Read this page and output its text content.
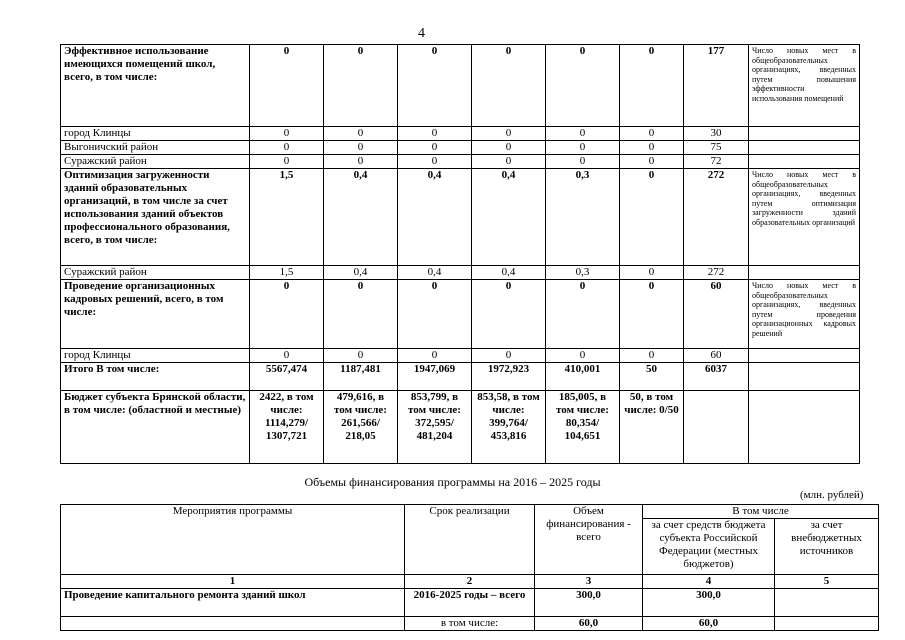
4
Эффективное использование имеющихся помещений школ, всего, в том числе:	0	0	0	0	0	0	177	Число новых мест в общеобразовательных организациях, введенных путем повышения эффективности использования помещений
город Клинцы	0	0	0	0	0	0	30	
Выгоничский район	0	0	0	0	0	0	75	
Суражский район	0	0	0	0	0	0	72	
Оптимизация загруженности зданий образовательных организаций, в том числе за счет использования зданий объектов профессионального образования, всего, в том числе:	1,5	0,4	0,4	0,4	0,3	0	272	Число новых мест в общеобразовательных организациях, введенных путем оптимизация загруженности зданий образовательных организаций
Суражский район	1,5	0,4	0,4	0,4	0,3	0	272	
Проведение организационных кадровых решений, всего, в том числе:	0	0	0	0	0	0	60	Число новых мест в общеобразовательных организациях, введенных путем проведения организационных кадровых решений
город Клинцы	0	0	0	0	0	0	60	
Итого В том числе:	5567,474	1187,481	1947,069	1972,923	410,001	50	6037	
Бюджет субъекта Брянской области, в том числе: (областной и местные)	2422, в том числе: 1114,279/ 1307,721	479,616, в том числе: 261,566/ 218,05	853,799, в том числе: 372,595/ 481,204	853,58, в том числе: 399,764/ 453,816	185,005, в том числе: 80,354/ 104,651	50, в том числе: 0/50		
Объемы финансирования программы на 2016 – 2025 годы
(млн. рублей)
Мероприятия программы	Срок реализации	Объем финансирования - всего	В том числе	
			за счет средств бюджета субъекта Российской Федерации (местных бюджетов)	за счет внебюджетных источников
1	2	3	4	5
Проведение капитального ремонта зданий школ	2016-2025 годы – всего	300,0	300,0	
	в том числе:	60,0	60,0	
